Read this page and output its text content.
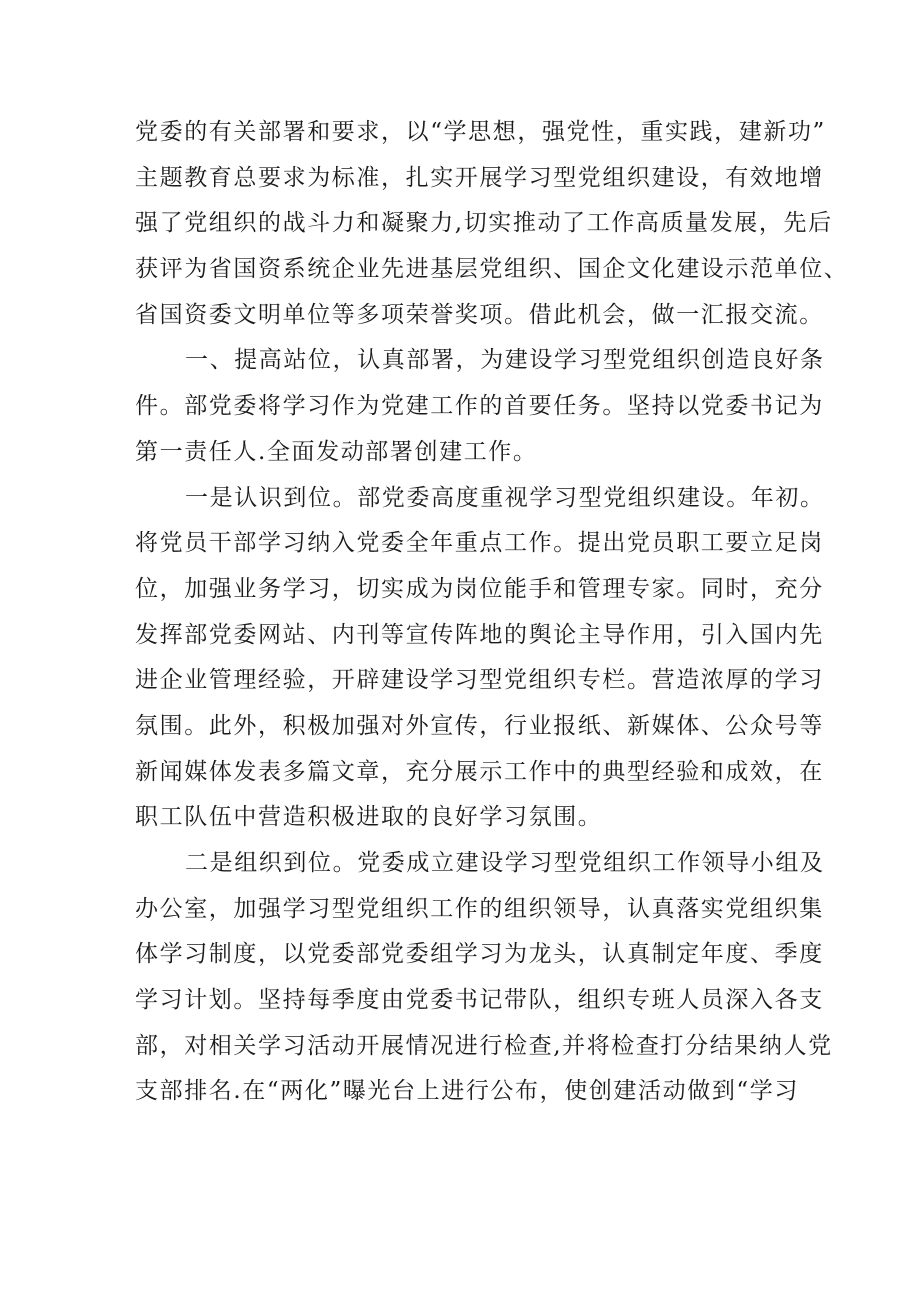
党委的有关部署和要求，以“学思想，强党性，重实践，建新功”
主题教育总要求为标准，扎实开展学习型党组织建设，有效地增
强了党组织的战斗力和凝聚力,切实推动了工作高质量发展，先后
获评为省国资系统企业先进基层党组织、国企文化建设示范单位、
省国资委文明单位等多项荣誉奖项。借此机会，做一汇报交流。
一、提高站位，认真部署，为建设学习型党组织创造良好条
件。部党委将学习作为党建工作的首要任务。坚持以党委书记为
第一责任人.全面发动部署创建工作。
一是认识到位。部党委高度重视学习型党组织建设。年初。
将党员干部学习纳入党委全年重点工作。提出党员职工要立足岗
位，加强业务学习，切实成为岗位能手和管理专家。同时，充分
发挥部党委网站、内刊等宣传阵地的舆论主导作用，引入国内先
进企业管理经验，开辟建设学习型党组织专栏。营造浓厚的学习
氛围。此外，积极加强对外宣传，行业报纸、新媒体、公众号等
新闻媒体发表多篇文章，充分展示工作中的典型经验和成效，在
职工队伍中营造积极进取的良好学习氛围。
二是组织到位。党委成立建设学习型党组织工作领导小组及
办公室，加强学习型党组织工作的组织领导，认真落实党组织集
体学习制度，以党委部党委组学习为龙头，认真制定年度、季度
学习计划。坚持每季度由党委书记带队，组织专班人员深入各支
部，对相关学习活动开展情况进行检查,并将检查打分结果纳人党
支部排名.在“两化”曝光台上进行公布，使创建活动做到“学习
